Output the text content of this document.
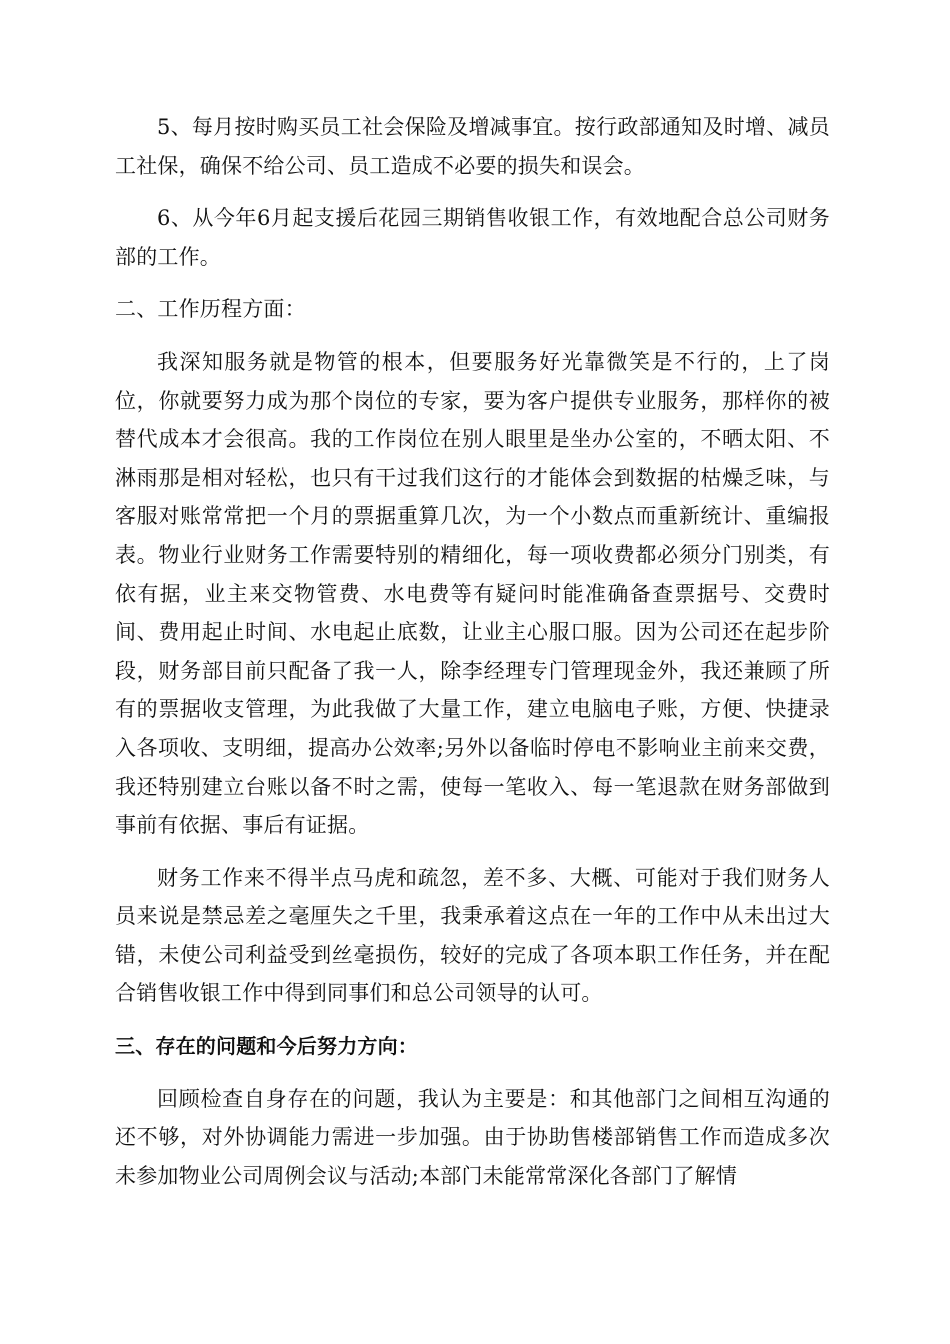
5、每月按时购买员工社会保险及增减事宜。按行政部通知及时增、减员工社保，确保不给公司、员工造成不必要的损失和误会。

6、从今年6月起支援后花园三期销售收银工作，有效地配合总公司财务部的工作。

二、工作历程方面：

我深知服务就是物管的根本，但要服务好光靠微笑是不行的，上了岗位，你就要努力成为那个岗位的专家，要为客户提供专业服务，那样你的被替代成本才会很高。我的工作岗位在别人眼里是坐办公室的，不晒太阳、不淋雨那是相对轻松，也只有干过我们这行的才能体会到数据的枯燥乏味，与客服对账常常把一个月的票据重算几次，为一个小数点而重新统计、重编报表。物业行业财务工作需要特别的精细化，每一项收费都必须分门别类，有依有据，业主来交物管费、水电费等有疑问时能准确备查票据号、交费时间、费用起止时间、水电起止底数，让业主心服口服。因为公司还在起步阶段，财务部目前只配备了我一人，除李经理专门管理现金外，我还兼顾了所有的票据收支管理，为此我做了大量工作，建立电脑电子账，方便、快捷录入各项收、支明细，提高办公效率;另外以备临时停电不影响业主前来交费，我还特别建立台账以备不时之需，使每一笔收入、每一笔退款在财务部做到事前有依据、事后有证据。

财务工作来不得半点马虎和疏忽，差不多、大概、可能对于我们财务人员来说是禁忌差之毫厘失之千里，我秉承着这点在一年的工作中从未出过大错，未使公司利益受到丝毫损伤，较好的完成了各项本职工作任务，并在配合销售收银工作中得到同事们和总公司领导的认可。

三、存在的问题和今后努力方向：

回顾检查自身存在的问题，我认为主要是：和其他部门之间相互沟通的还不够，对外协调能力需进一步加强。由于协助售楼部销售工作而造成多次未参加物业公司周例会议与活动;本部门未能常常深化各部门了解情
